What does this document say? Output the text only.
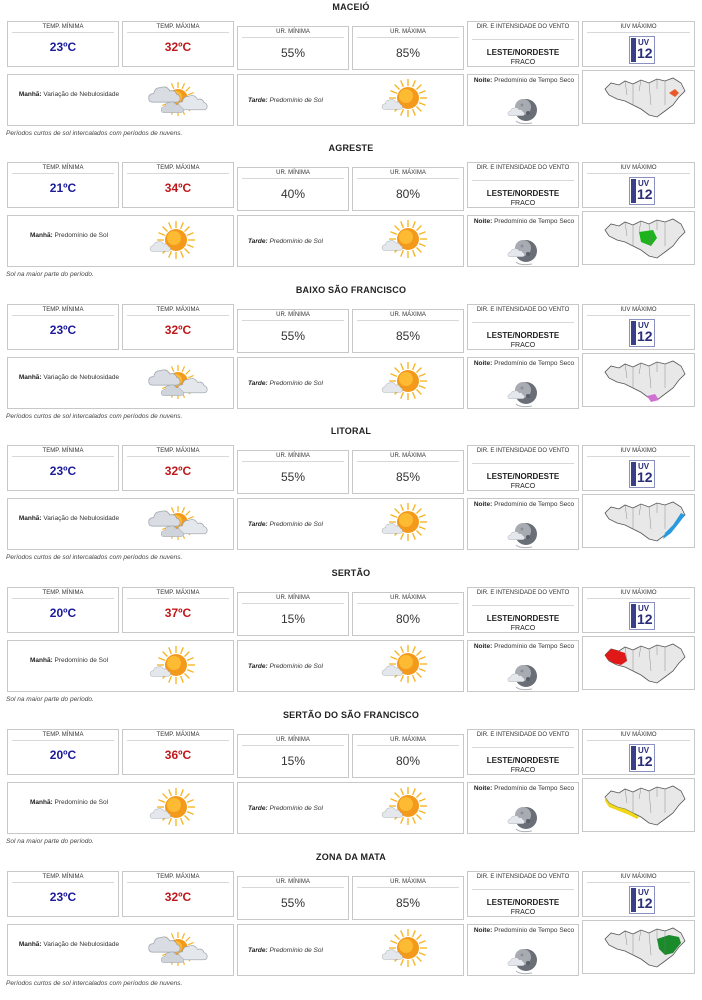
MACEIÓ
TEMP. MÍNIMA
23ºC
TEMP. MÁXIMA
32ºC
UR. MÍNIMA
55%
UR. MÁXIMA
85%
DIR. E INTENSIDADE DO VENTO
LESTE/NORDESTE
FRACO
IUV MÁXIMO
UV
12
Manhã: Variação de Nebulosidade
Tarde: Predomínio de Sol
Noite: Predomínio de Tempo Seco
Períodos curtos de sol intercalados com períodos de nuvens.
AGRESTE
TEMP. MÍNIMA
21ºC
TEMP. MÁXIMA
34ºC
UR. MÍNIMA
40%
UR. MÁXIMA
80%
DIR. E INTENSIDADE DO VENTO
LESTE/NORDESTE
FRACO
IUV MÁXIMO
UV
12
Manhã: Predomínio de Sol
Tarde: Predomínio de Sol
Noite: Predomínio de Tempo Seco
Sol na maior parte do período.
BAIXO SÃO FRANCISCO
TEMP. MÍNIMA
23ºC
TEMP. MÁXIMA
32ºC
UR. MÍNIMA
55%
UR. MÁXIMA
85%
DIR. E INTENSIDADE DO VENTO
LESTE/NORDESTE
FRACO
IUV MÁXIMO
UV
12
Manhã: Variação de Nebulosidade
Tarde: Predomínio de Sol
Noite: Predomínio de Tempo Seco
Períodos curtos de sol intercalados com períodos de nuvens.
LITORAL
TEMP. MÍNIMA
23ºC
TEMP. MÁXIMA
32ºC
UR. MÍNIMA
55%
UR. MÁXIMA
85%
DIR. E INTENSIDADE DO VENTO
LESTE/NORDESTE
FRACO
IUV MÁXIMO
UV
12
Manhã: Variação de Nebulosidade
Tarde: Predomínio de Sol
Noite: Predomínio de Tempo Seco
Períodos curtos de sol intercalados com períodos de nuvens.
SERTÃO
TEMP. MÍNIMA
20ºC
TEMP. MÁXIMA
37ºC
UR. MÍNIMA
15%
UR. MÁXIMA
80%
DIR. E INTENSIDADE DO VENTO
LESTE/NORDESTE
FRACO
IUV MÁXIMO
UV
12
Manhã: Predomínio de Sol
Tarde: Predomínio de Sol
Noite: Predomínio de Tempo Seco
Sol na maior parte do período.
SERTÃO DO SÃO FRANCISCO
TEMP. MÍNIMA
20ºC
TEMP. MÁXIMA
36ºC
UR. MÍNIMA
15%
UR. MÁXIMA
80%
DIR. E INTENSIDADE DO VENTO
LESTE/NORDESTE
FRACO
IUV MÁXIMO
UV
12
Manhã: Predomínio de Sol
Tarde: Predomínio de Sol
Noite: Predomínio de Tempo Seco
Sol na maior parte do período.
ZONA DA MATA
TEMP. MÍNIMA
23ºC
TEMP. MÁXIMA
32ºC
UR. MÍNIMA
55%
UR. MÁXIMA
85%
DIR. E INTENSIDADE DO VENTO
LESTE/NORDESTE
FRACO
IUV MÁXIMO
UV
12
Manhã: Variação de Nebulosidade
Tarde: Predomínio de Sol
Noite: Predomínio de Tempo Seco
Períodos curtos de sol intercalados com períodos de nuvens.
